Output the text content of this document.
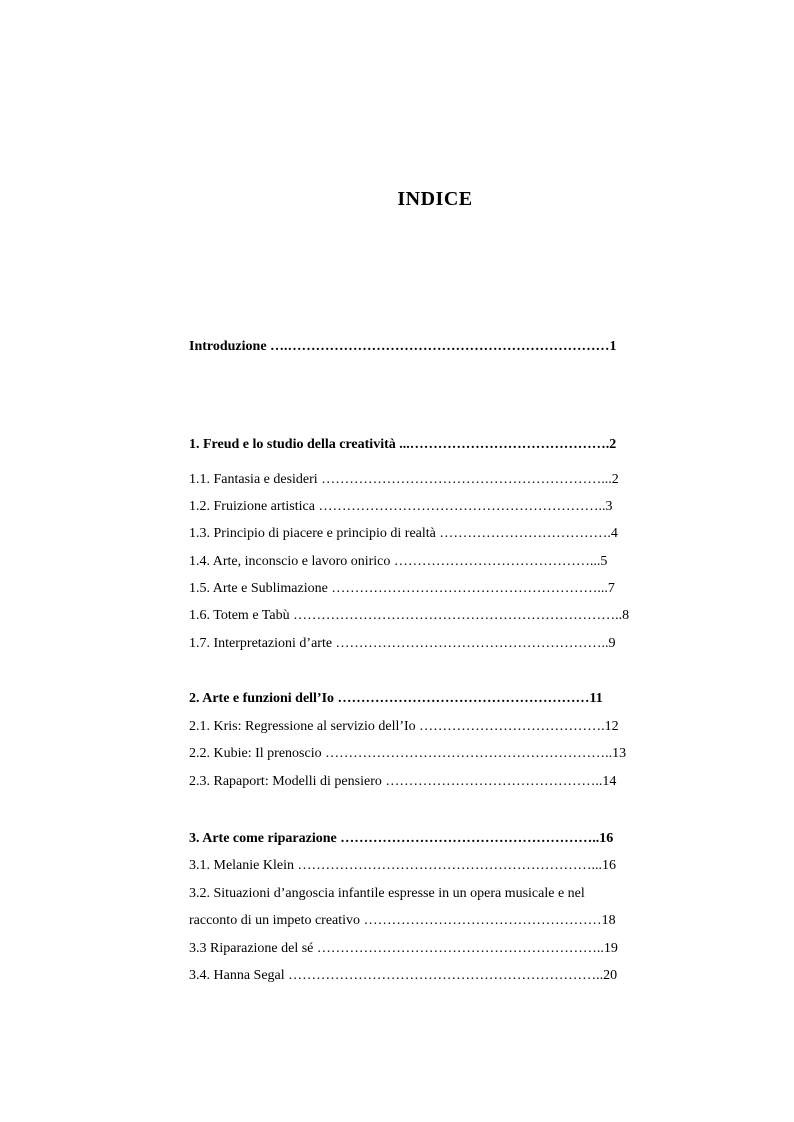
INDICE
Introduzione ….……………………………………………………………1
1. Freud e lo studio della creatività ...…………………………………….2
1.1. Fantasia e desideri ……………………………………………………...2
1.2. Fruizione artistica ……………………………………………………..3
1.3. Principio di piacere e principio di realtà ……………………………….4
1.4. Arte, inconscio e lavoro onirico ……………………………………...5
1.5. Arte e Sublimazione …………………………………………………...7
1.6. Totem e Tabù ……………………………………………………………..8
1.7. Interpretazioni d’arte …………………………………………………..9
2. Arte e funzioni dell’Io ………………………………………………11
2.1. Kris: Regressione al servizio dell’Io ………………………………….12
2.2. Kubie: Il prenoscio ……………………………………………………..13
2.3. Rapaport: Modelli di pensiero ………………………………………..14
3. Arte come riparazione ………………………………………………..16
3.1. Melanie Klein ………………………………………………………...16
3.2. Situazioni d’angoscia infantile espresse in un opera musicale e nel
racconto di un impeto creativo ……………………………………………18
3.3 Riparazione del sé ……………………………………………………..19
3.4. Hanna Segal …………………………………………………………..20
